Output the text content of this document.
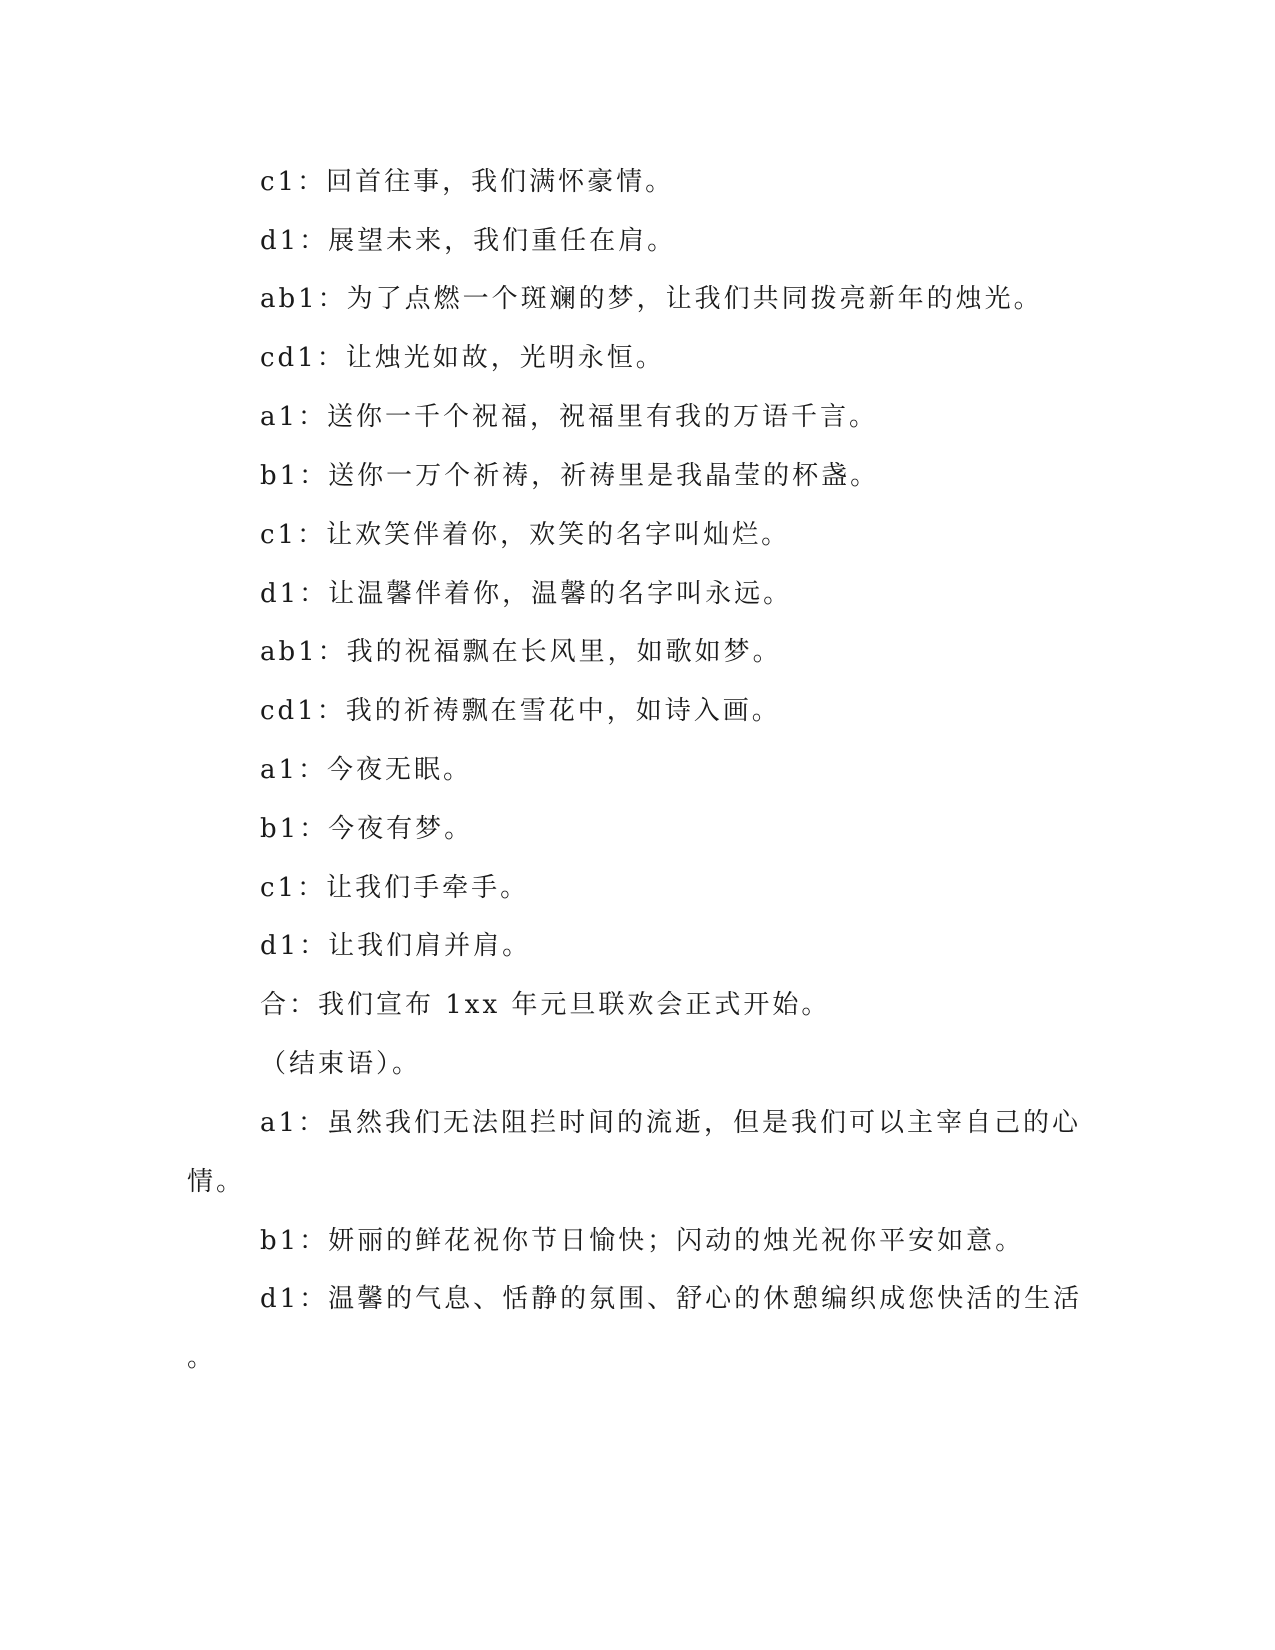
c1：回首往事，我们满怀豪情。

d1：展望未来，我们重任在肩。

ab1：为了点燃一个斑斓的梦，让我们共同拨亮新年的烛光。

cd1：让烛光如故，光明永恒。

a1：送你一千个祝福，祝福里有我的万语千言。

b1：送你一万个祈祷，祈祷里是我晶莹的杯盏。

c1：让欢笑伴着你，欢笑的名字叫灿烂。

d1：让温馨伴着你，温馨的名字叫永远。

ab1：我的祝福飘在长风里，如歌如梦。

cd1：我的祈祷飘在雪花中，如诗入画。

a1：今夜无眠。

b1：今夜有梦。

c1：让我们手牵手。

d1：让我们肩并肩。

合：我们宣布 1xx 年元旦联欢会正式开始。

（结束语）。

a1：虽然我们无法阻拦时间的流逝，但是我们可以主宰自己的心

情。

b1：妍丽的鲜花祝你节日愉快；闪动的烛光祝你平安如意。

d1：温馨的气息、恬静的氛围、舒心的休憩编织成您快活的生活

。
